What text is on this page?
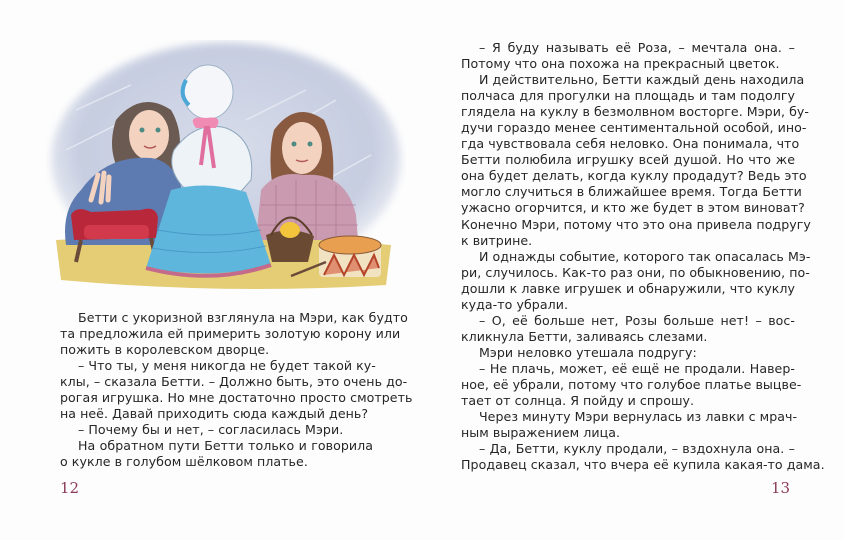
Бетти с укоризной взглянула на Мэри, как будто
та предложила ей примерить золотую корону или
пожить в королевском дворце.
– Что ты, у меня никогда не будет такой ку-
клы, – сказала Бетти. – Должно быть, это очень до-
рогая игрушка. Но мне достаточно просто смотреть
на неё. Давай приходить сюда каждый день?
– Почему бы и нет, – согласилась Мэри.
На обратном пути Бетти только и говорила
о кукле в голубом шёлковом платье.
12
– Я буду называть её Роза, – мечтала она. –
Потому что она похожа на прекрасный цветок.
И действительно, Бетти каждый день находила
полчаса для прогулки на площадь и там подолгу
глядела на куклу в безмолвном восторге. Мэри, бу-
дучи гораздо менее сентиментальной особой, ино-
гда чувствовала себя неловко. Она понимала, что
Бетти полюбила игрушку всей душой. Но что же
она будет делать, когда куклу продадут? Ведь это
могло случиться в ближайшее время. Тогда Бетти
ужасно огорчится, и кто же будет в этом виноват?
Конечно Мэри, потому что это она привела подругу
к витрине.
И однажды событие, которого так опасалась Мэ-
ри, случилось. Как-то раз они, по обыкновению, по-
дошли к лавке игрушек и обнаружили, что куклу
куда-то убрали.
– О, её больше нет, Розы больше нет! – вос-
кликнула Бетти, заливаясь слезами.
Мэри неловко утешала подругу:
– Не плачь, может, её ещё не продали. Навер-
ное, её убрали, потому что голубое платье выцве-
тает от солнца. Я пойду и спрошу.
Через минуту Мэри вернулась из лавки с мрач-
ным выражением лица.
– Да, Бетти, куклу продали, – вздохнула она. –
Продавец сказал, что вчера её купила какая-то дама.
13
